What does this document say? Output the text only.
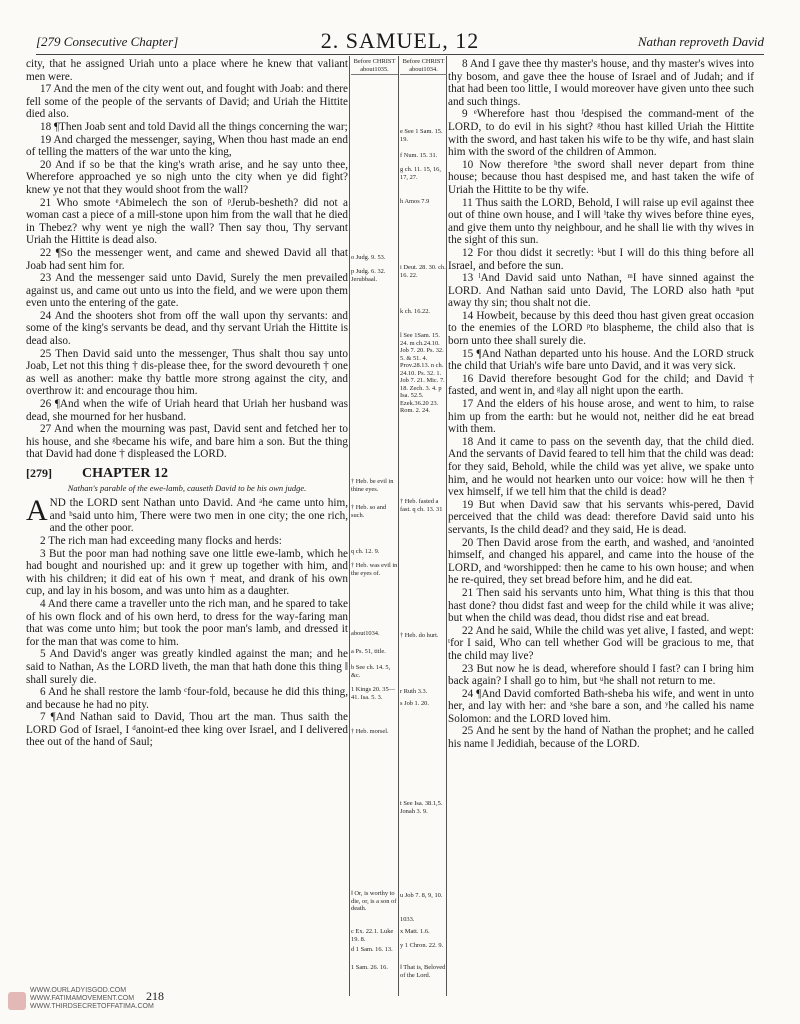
[279 Consecutive Chapter]	2. SAMUEL, 12	Nathan reproveth David

city, that he assigned Uriah unto a place where he knew that valiant men were.

17 And the men of the city went out, and fought with Joab: and there fell some of the people of the servants of David; and Uriah the Hittite died also.

18 ¶Then Joab sent and told David all the things concerning the war;

19 And charged the messenger, saying, When thou hast made an end of telling the matters of the war unto the king,

20 And if so be that the king's wrath arise, and he say unto thee, Wherefore approached ye so nigh unto the city when ye did fight? knew ye not that they would shoot from the wall?

21 Who smote ᵉAbimelech the son of ᵖJerub-besheth? did not a woman cast a piece of a mill-stone upon him from the wall that he died in Thebez? why went ye nigh the wall? Then say thou, Thy servant Uriah the Hittite is dead also.

22 ¶So the messenger went, and came and shewed David all that Joab had sent him for.

23 And the messenger said unto David, Surely the men prevailed against us, and came out unto us into the field, and we were upon them even unto the entering of the gate.

24 And the shooters shot from off the wall upon thy servants: and some of the king's servants be dead, and thy servant Uriah the Hittite is dead also.

25 Then David said unto the messenger, Thus shalt thou say unto Joab, Let not this thing † dis-please thee, for the sword devoureth † one as well as another: make thy battle more strong against the city, and overthrow it: and encourage thou him.

26 ¶And when the wife of Uriah heard that Uriah her husband was dead, she mourned for her husband.

27 And when the mourning was past, David sent and fetched her to his house, and she ᵍbecame his wife, and bare him a son. But the thing that David had done † displeased the LORD.

[279] CHAPTER 12
Nathan's parable of the ewe-lamb, causeth David to be his own judge.

AND the LORD sent Nathan unto David. And ᵃhe came unto him, and ᵇsaid unto him, There were two men in one city; the one rich, and the other poor.

2 The rich man had exceeding many flocks and herds:

3 But the poor man had nothing save one little ewe-lamb, which he had bought and nourished up: and it grew up together with him, and with his children; it did eat of his own † meat, and drank of his own cup, and lay in his bosom, and was unto him as a daughter.

4 And there came a traveller unto the rich man, and he spared to take of his own flock and of his own herd, to dress for the way-faring man that was come unto him; but took the poor man's lamb, and dressed it for the man that was come to him.

5 And David's anger was greatly kindled against the man; and he said to Nathan, As the LORD liveth, the man that hath done this thing ‖ shall surely die.

6 And he shall restore the lamb ᶜfour-fold, because he did this thing, and because he had no pity.

7 ¶And Nathan said to David, Thou art the man. Thus saith the LORD God of Israel, I ᵈanoint-ed thee king over Israel, and I delivered thee out of the hand of Saul;

Before CHRIST about1035.
o Judg. 9. 53.
p Judg. 6. 32. Jerubbaal.
† Heb. be evil in thine eyes.
† Heb. so and such.
q ch. 12. 9.
† Heb. was evil in the eyes of.
about1034.
a Ps. 51, title.
b See ch. 14. 5, &c.
1 Kings 20. 35—41. Isa. 5. 3.
† Heb. morsel.
‖ Or, is worthy to die, or, is a son of death.
c Ex. 22.1. Luke 19. 8.
d 1 Sam. 16. 13.
1 Sam. 26. 16.
Before CHRIST about1034.
e See 1 Sam. 15. 19.
f Num. 15. 31.
g ch. 11. 15, 16, 17, 27.
h Amos 7.9
i Deut. 28. 30. ch. 16. 22.
k ch. 16.22.
l See 1Sam. 15. 24. m ch.24.10. Job 7. 20. Ps. 32. 5. & 51. 4. Prov.28.13. n ch. 24.10. Ps. 32. 1. Job 7. 21. Mic. 7. 18. Zech. 3. 4. p Isa. 52.5. Ezek.36.20 23. Rom. 2. 24.
† Heb. fasted a fast. q ch. 13. 31
† Heb. do hurt.
r Ruth 3.3.
s Job 1. 20.
t See Isa. 38.1,5. Jonah 3. 9.
u Job 7. 8, 9, 10.
1033.
x Matt. 1.6.
y 1 Chron. 22. 9.
‖ That is, Beloved of the Lord.

8 And I gave thee thy master's house, and thy master's wives into thy bosom, and gave thee the house of Israel and of Judah; and if that had been too little, I would moreover have given unto thee such and such things.

9 ᵉWherefore hast thou ᶠdespised the command-ment of the LORD, to do evil in his sight? ᵍthou hast killed Uriah the Hittite with the sword, and hast taken his wife to be thy wife, and hast slain him with the sword of the children of Ammon.

10 Now therefore ʰthe sword shall never depart from thine house; because thou hast despised me, and hast taken the wife of Uriah the Hittite to be thy wife.

11 Thus saith the LORD, Behold, I will raise up evil against thee out of thine own house, and I will ⁱtake thy wives before thine eyes, and give them unto thy neighbour, and he shall lie with thy wives in the sight of this sun.

12 For thou didst it secretly: ᵏbut I will do this thing before all Israel, and before the sun.

13 ˡAnd David said unto Nathan, ᵐI have sinned against the LORD. And Nathan said unto David, The LORD also hath ⁿput away thy sin; thou shalt not die.

14 Howbeit, because by this deed thou hast given great occasion to the enemies of the LORD ᵖto blaspheme, the child also that is born unto thee shall surely die.

15 ¶And Nathan departed unto his house. And the LORD struck the child that Uriah's wife bare unto David, and it was very sick.

16 David therefore besought God for the child; and David † fasted, and went in, and ᵍlay all night upon the earth.

17 And the elders of his house arose, and went to him, to raise him up from the earth: but he would not, neither did he eat bread with them.

18 And it came to pass on the seventh day, that the child died. And the servants of David feared to tell him that the child was dead: for they said, Behold, while the child was yet alive, we spake unto him, and he would not hearken unto our voice: how will he then † vex himself, if we tell him that the child is dead?

19 But when David saw that his servants whis-pered, David perceived that the child was dead: therefore David said unto his servants, Is the child dead? and they said, He is dead.

20 Then David arose from the earth, and washed, and ʳanointed himself, and changed his apparel, and came into the house of the LORD, and ˢworshipped: then he came to his own house; and when he re-quired, they set bread before him, and he did eat.

21 Then said his servants unto him, What thing is this that thou hast done? thou didst fast and weep for the child while it was alive; but when the child was dead, thou didst rise and eat bread.

22 And he said, While the child was yet alive, I fasted, and wept: ᵗfor I said, Who can tell whether God will be gracious to me, that the child may live?

23 But now he is dead, wherefore should I fast? can I bring him back again? I shall go to him, but ᵘhe shall not return to me.

24 ¶And David comforted Bath-sheba his wife, and went in unto her, and lay with her: and ˣshe bare a son, and ʸhe called his name Solomon: and the LORD loved him.

25 And he sent by the hand of Nathan the prophet; and he called his name ‖ Jedidiah, because of the LORD.

WWW.OURLADYISGOD.COM
WWW.FATIMAMOVEMENT.COM
WWW.THIRDSECRETOFFATIMA.COM
218
